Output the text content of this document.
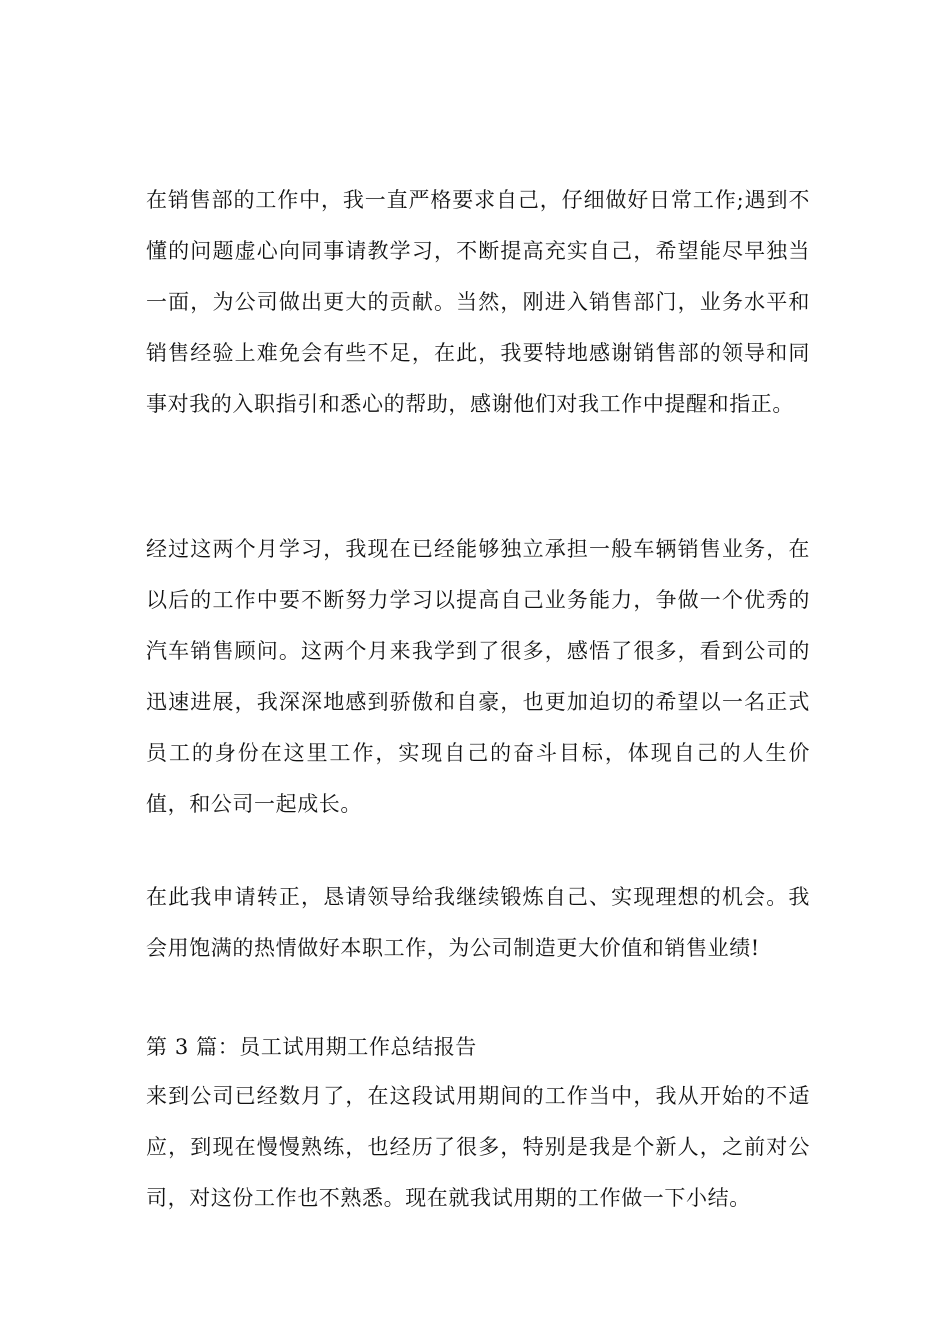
在销售部的工作中，我一直严格要求自己，仔细做好日常工作;遇到不懂的问题虚心向同事请教学习，不断提高充实自己，希望能尽早独当一面，为公司做出更大的贡献。当然，刚进入销售部门，业务水平和销售经验上难免会有些不足，在此，我要特地感谢销售部的领导和同事对我的入职指引和悉心的帮助，感谢他们对我工作中提醒和指正。

经过这两个月学习，我现在已经能够独立承担一般车辆销售业务，在以后的工作中要不断努力学习以提高自己业务能力，争做一个优秀的汽车销售顾问。这两个月来我学到了很多，感悟了很多，看到公司的迅速进展，我深深地感到骄傲和自豪，也更加迫切的希望以一名正式员工的身份在这里工作，实现自己的奋斗目标，体现自己的人生价值，和公司一起成长。

在此我申请转正，恳请领导给我继续锻炼自己、实现理想的机会。我会用饱满的热情做好本职工作，为公司制造更大价值和销售业绩!

第 3 篇：员工试用期工作总结报告

来到公司已经数月了，在这段试用期间的工作当中，我从开始的不适应，到现在慢慢熟练，也经历了很多，特别是我是个新人，之前对公司，对这份工作也不熟悉。现在就我试用期的工作做一下小结。
